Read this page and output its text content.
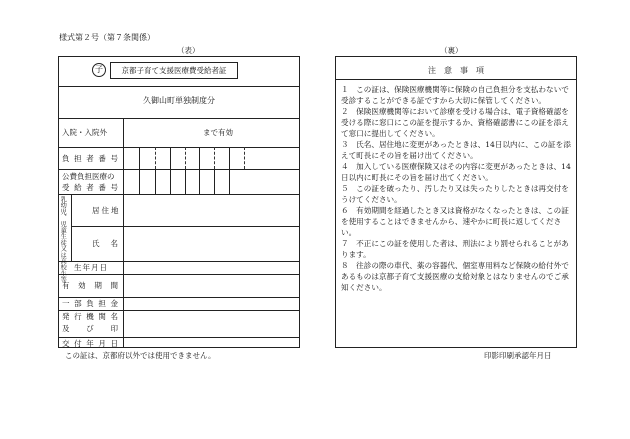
様式第２号（第７条関係）
（表）	（裏）
子	京都子育て支援医療費受給者証
久御山町単独制度分
入院・入院外	まで有効
負 担 者 番 号
公費負担医療の
受 給 者 番 号
乳幼児、児童生徒又は高校生等
居住地
氏 名
生年月日
有 効 期 間
一 部 負 担 金
発 行 機 関 名
及 び 印
交 付 年 月 日
この証は、京都府以外では使用できません。
注　意　事　項
１　この証は、保険医療機関等に保険の自己負担分を支払わないで受診することができる証ですから大切に保管してください。
２　保険医療機関等において診療を受ける場合は、電子資格確認を受ける際に窓口にこの証を提示するか、資格確認書にこの証を添えて窓口に提出してください。
３　氏名、居住地に変更があったときは、14日以内に、この証を添えて町長にその旨を届け出てください。
４　加入している医療保険又はその内容に変更があったときは、14日以内に町長にその旨を届け出てください。
５　この証を破ったり、汚したり又は失ったりしたときは再交付をうけてください。
６　有効期間を経過したとき又は資格がなくなったときは、この証を使用することはできませんから、速やかに町長に返してください。
７　不正にこの証を使用した者は、刑法により罰せられることがあります。
８　往診の際の車代、薬の容器代、個室専用料など保険の給付外であるものは京都子育て支援医療の支給対象とはなりませんのでご承知ください。
印影印刷承認年月日
